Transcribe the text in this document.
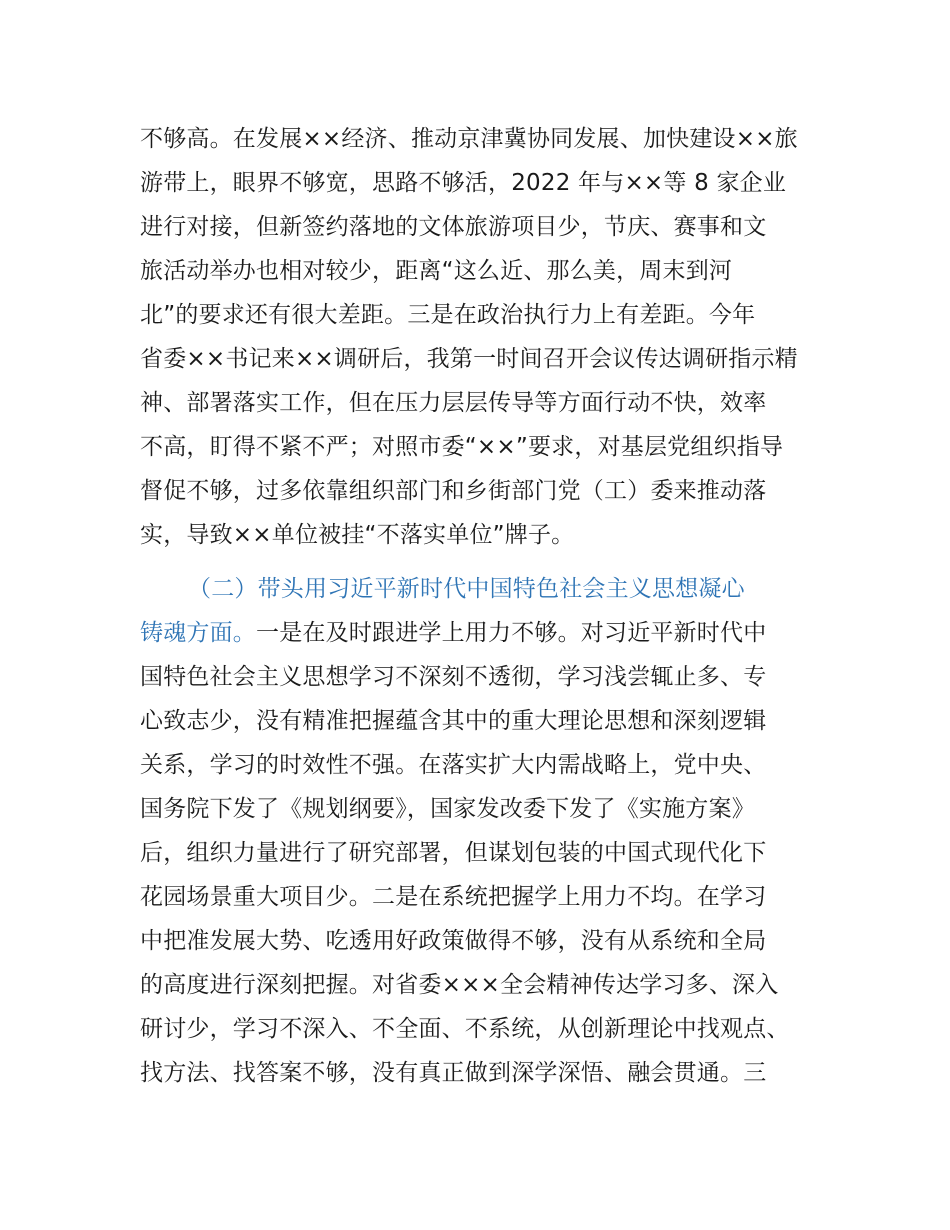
不够高。在发展××经济、推动京津冀协同发展、加快建设××旅
游带上，眼界不够宽，思路不够活，2022 年与××等 8 家企业
进行对接，但新签约落地的文体旅游项目少，节庆、赛事和文
旅活动举办也相对较少，距离“这么近、那么美，周末到河
北”的要求还有很大差距。三是在政治执行力上有差距。今年
省委××书记来××调研后，我第一时间召开会议传达调研指示精
神、部署落实工作，但在压力层层传导等方面行动不快，效率
不高，盯得不紧不严；对照市委“××”要求，对基层党组织指导
督促不够，过多依靠组织部门和乡街部门党（工）委来推动落
实，导致××单位被挂“不落实单位”牌子。
（二）带头用习近平新时代中国特色社会主义思想凝心
铸魂方面。一是在及时跟进学上用力不够。对习近平新时代中
国特色社会主义思想学习不深刻不透彻，学习浅尝辄止多、专
心致志少，没有精准把握蕴含其中的重大理论思想和深刻逻辑
关系，学习的时效性不强。在落实扩大内需战略上，党中央、
国务院下发了《规划纲要》，国家发改委下发了《实施方案》
后，组织力量进行了研究部署，但谋划包装的中国式现代化下
花园场景重大项目少。二是在系统把握学上用力不均。在学习
中把准发展大势、吃透用好政策做得不够，没有从系统和全局
的高度进行深刻把握。对省委×××全会精神传达学习多、深入
研讨少，学习不深入、不全面、不系统，从创新理论中找观点、
找方法、找答案不够，没有真正做到深学深悟、融会贯通。三
